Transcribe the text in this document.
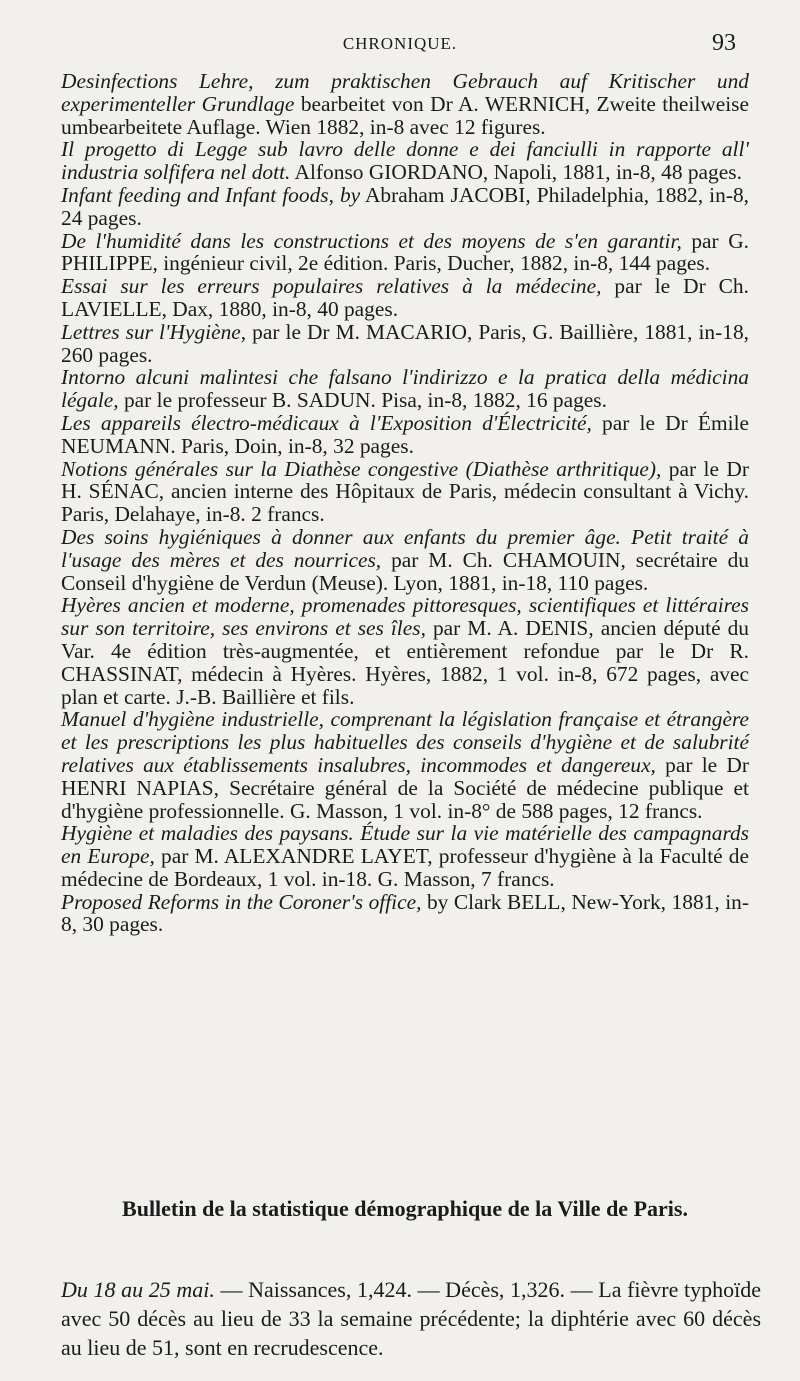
CHRONIQUE.	93

Desinfections Lehre, zum praktischen Gebrauch auf Kritischer und experimenteller Grundlage bearbeitet von Dr A. WERNICH, Zweite theilweise umbearbeitete Auflage. Wien 1882, in-8 avec 12 figures.

Il progetto di Legge sub lavro delle donne e dei fanciulli in rapporte all' industria solfifera nel dott. Alfonso GIORDANO, Napoli, 1881, in-8, 48 pages.

Infant feeding and Infant foods, by Abraham JACOBI, Philadelphia, 1882, in-8, 24 pages.

De l'humidité dans les constructions et des moyens de s'en garantir, par G. PHILIPPE, ingénieur civil, 2e édition. Paris, Ducher, 1882, in-8, 144 pages.

Essai sur les erreurs populaires relatives à la médecine, par le Dr Ch. LAVIELLE, Dax, 1880, in-8, 40 pages.

Lettres sur l'Hygiène, par le Dr M. MACARIO, Paris, G. Baillière, 1881, in-18, 260 pages.

Intorno alcuni malintesi che falsano l'indirizzo e la pratica della médicina légale, par le professeur B. SADUN. Pisa, in-8, 1882, 16 pages.

Les appareils électro-médicaux à l'Exposition d'Électricité, par le Dr Émile NEUMANN. Paris, Doin, in-8, 32 pages.

Notions générales sur la Diathèse congestive (Diathèse arthritique), par le Dr H. SÉNAC, ancien interne des Hôpitaux de Paris, médecin consultant à Vichy. Paris, Delahaye, in-8. 2 francs.

Des soins hygiéniques à donner aux enfants du premier âge. Petit traité à l'usage des mères et des nourrices, par M. Ch. CHAMOUIN, secrétaire du Conseil d'hygiène de Verdun (Meuse). Lyon, 1881, in-18, 110 pages.

Hyères ancien et moderne, promenades pittoresques, scientifiques et littéraires sur son territoire, ses environs et ses îles, par M. A. DENIS, ancien député du Var. 4e édition très-augmentée, et entièrement refondue par le Dr R. CHASSINAT, médecin à Hyères. Hyères, 1882, 1 vol. in-8, 672 pages, avec plan et carte. J.-B. Baillière et fils.

Manuel d'hygiène industrielle, comprenant la législation française et étrangère et les prescriptions les plus habituelles des conseils d'hygiène et de salubrité relatives aux établissements insalubres, incommodes et dangereux, par le Dr HENRI NAPIAS, Secrétaire général de la Société de médecine publique et d'hygiène professionnelle. G. Masson, 1 vol. in-8° de 588 pages, 12 francs.

Hygiène et maladies des paysans. Étude sur la vie matérielle des campagnards en Europe, par M. ALEXANDRE LAYET, professeur d'hygiène à la Faculté de médecine de Bordeaux, 1 vol. in-18. G. Masson, 7 francs.

Proposed Reforms in the Coroner's office, by Clark BELL, New-York, 1881, in-8, 30 pages.

Bulletin de la statistique démographique de la Ville de Paris.

Du 18 au 25 mai. — Naissances, 1,424. — Décès, 1,326. — La fièvre typhoïde avec 50 décès au lieu de 33 la semaine précédente; la diphtérie avec 60 décès au lieu de 51, sont en recrudescence.
